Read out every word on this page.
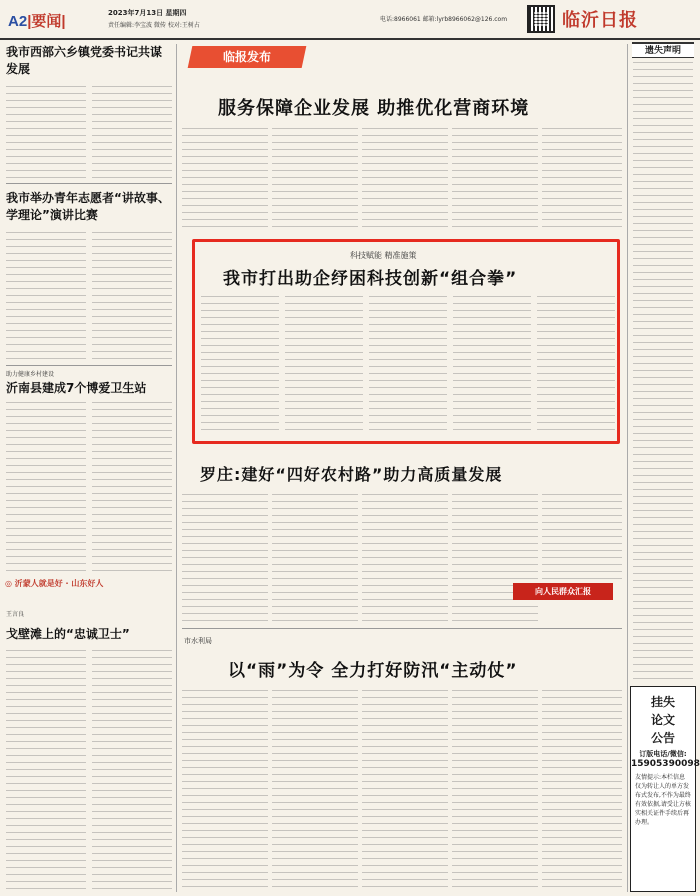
A2|要闻|	2023年7月13日 星期四
责任编辑:李宝波 微传 校对:王树占
电话:8966061 邮箱:lyrb8966062@126.com	临沂日报
我市西部六乡镇党委书记共谋发展
我市举办青年志愿者“讲故事、学理论”演讲比赛
助力健康乡村建设
沂南县建成7个博爱卫生站
◎ 沂蒙人就是好 · 山东好人
王言良
戈壁滩上的“忠诚卫士”
临报发布
服务保障企业发展 助推优化营商环境
科技赋能 精准施策
我市打出助企纾困科技创新“组合拳”
罗庄:建好“四好农村路”助力高质量发展
向人民群众汇报
市水利局
以“雨”为令 全力打好防汛“主动仗”
遗失声明
挂失
论文
公告
订版电话/微信:
15905390098
友情提示:本栏信息仅为转让人的单方发布式发布,不作为最终有效依据,请受让方核实相关证件手续后再办理。
